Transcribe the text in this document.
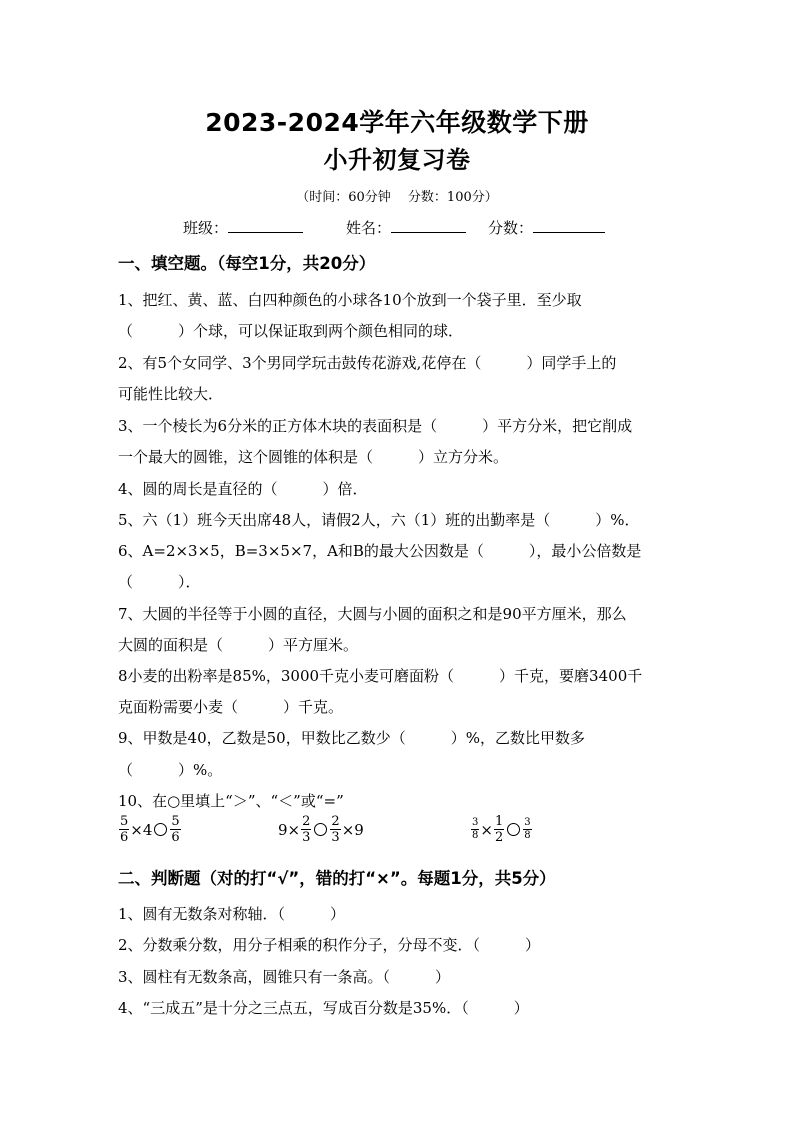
2023-2024学年六年级数学下册
小升初复习卷
（时间：60分钟　 分数：100分）
班级：	姓名：	分数：
一、填空题。（每空1分，共20分）
1、把红、黄、蓝、白四种颜色的小球各10个放到一个袋子里．至少取
（　　　）个球，可以保证取到两个颜色相同的球．
2、有5个女同学、3个男同学玩击鼓传花游戏,花停在（　　　）同学手上的
可能性比较大．
3、一个棱长为6分米的正方体木块的表面积是（　　　）平方分米，把它削成
一个最大的圆锥，这个圆锥的体积是（　　　）立方分米。
4、圆的周长是直径的（　　　）倍．
5、六（1）班今天出席48人，请假2人，六（1）班的出勤率是（　　　）%．
6、A=2×3×5，B=3×5×7，A和B的最大公因数是（　　　），最小公倍数是
（　　　）．
7、大圆的半径等于小圆的直径，大圆与小圆的面积之和是90平方厘米，那么
大圆的面积是（　　　）平方厘米。
8小麦的出粉率是85%，3000千克小麦可磨面粉（　　　）千克，要磨3400千
克面粉需要小麦（　　　）千克。
9、甲数是40，乙数是50，甲数比乙数少（　　　）%，乙数比甲数多
（　　　）%。
10、在○里填上“＞”、“＜”或“=”
$\frac{5}{6} \times 4 \frac{5}{6}$	$9\times \frac{2}{3} \frac{2}{3} \times 9$	$\frac{3}{8} \times \frac{1}{2} \frac{3}{8}$
二、判断题（对的打“√”，错的打“×”。每题1分，共5分）
1、圆有无数条对称轴．（　　　）
2、分数乘分数，用分子相乘的积作分子，分母不变．（　　　）
3、圆柱有无数条高，圆锥只有一条高。（　　　）
4、“三成五”是十分之三点五，写成百分数是35%．（　　　）
